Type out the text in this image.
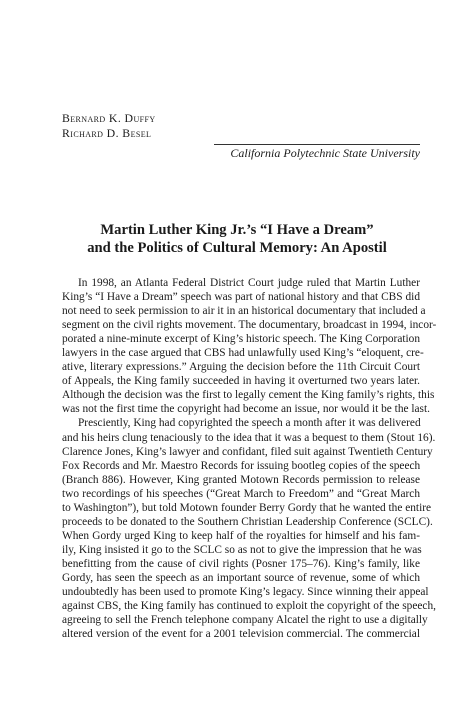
Bernard K. Duffy
Richard D. Besel
California Polytechnic State University
Martin Luther King Jr.’s “I Have a Dream”
and the Politics of Cultural Memory: An Apostil
In 1998, an Atlanta Federal District Court judge ruled that Martin Luther
King’s “I Have a Dream” speech was part of national history and that CBS did
not need to seek permission to air it in an historical documentary that included a
segment on the civil rights movement. The documentary, broadcast in 1994, incor-
porated a nine-minute excerpt of King’s historic speech. The King Corporation
lawyers in the case argued that CBS had unlawfully used King’s “eloquent, cre-
ative, literary expressions.” Arguing the decision before the 11th Circuit Court
of Appeals, the King family succeeded in having it overturned two years later.
Although the decision was the first to legally cement the King family’s rights, this
was not the first time the copyright had become an issue, nor would it be the last.
Presciently, King had copyrighted the speech a month after it was delivered
and his heirs clung tenaciously to the idea that it was a bequest to them (Stout 16).
Clarence Jones, King’s lawyer and confidant, filed suit against Twentieth Century
Fox Records and Mr. Maestro Records for issuing bootleg copies of the speech
(Branch 886). However, King granted Motown Records permission to release
two recordings of his speeches (“Great March to Freedom” and “Great March
to Washington”), but told Motown founder Berry Gordy that he wanted the entire
proceeds to be donated to the Southern Christian Leadership Conference (SCLC).
When Gordy urged King to keep half of the royalties for himself and his fam-
ily, King insisted it go to the SCLC so as not to give the impression that he was
benefitting from the cause of civil rights (Posner 175–76). King’s family, like
Gordy, has seen the speech as an important source of revenue, some of which
undoubtedly has been used to promote King’s legacy. Since winning their appeal
against CBS, the King family has continued to exploit the copyright of the speech,
agreeing to sell the French telephone company Alcatel the right to use a digitally
altered version of the event for a 2001 television commercial. The commercial
